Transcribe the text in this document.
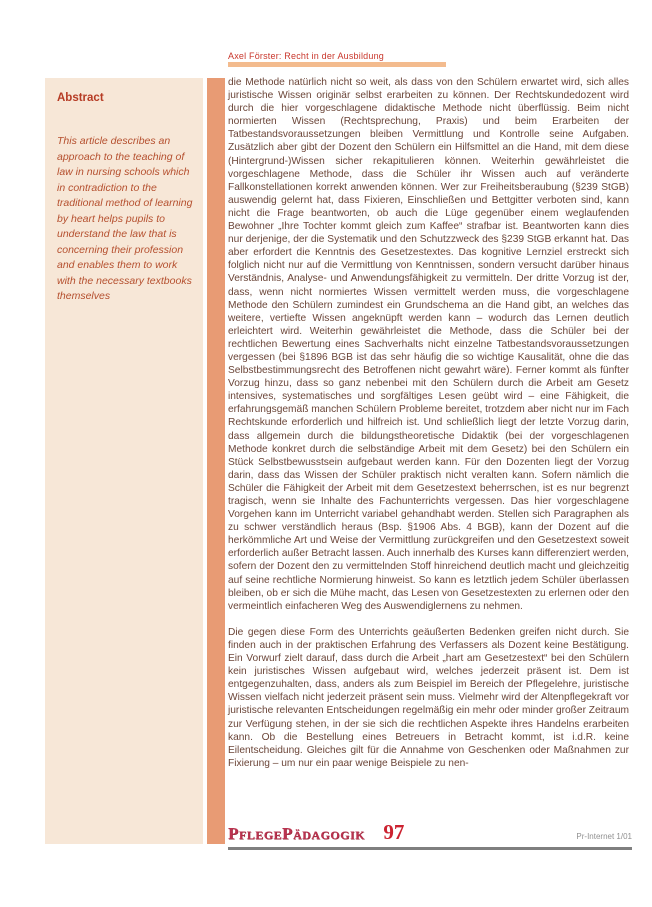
Axel Förster: Recht in der Ausbildung

Abstract

This article describes an approach to the teaching of law in nursing schools which in contradiction to the traditional method of learning by heart helps pupils to understand the law that is concerning their profession and enables them to work with the necessary textbooks themselves

die Methode natürlich nicht so weit, als dass von den Schülern erwartet wird, sich alles juristische Wissen originär selbst erarbeiten zu können. Der Rechtskundedozent wird durch die hier vorgeschlagene didaktische Methode nicht überflüssig. Beim nicht normierten Wissen (Rechtsprechung, Praxis) und beim Erarbeiten der Tatbestandsvoraussetzungen bleiben Vermittlung und Kontrolle seine Aufgaben. Zusätzlich aber gibt der Dozent den Schülern ein Hilfsmittel an die Hand, mit dem diese (Hintergrund-)Wissen sicher rekapitulieren können. Weiterhin gewährleistet die vorgeschlagene Methode, dass die Schüler ihr Wissen auch auf veränderte Fallkonstellationen korrekt anwenden können. Wer zur Freiheitsberaubung (§239 StGB) auswendig gelernt hat, dass Fixieren, Einschließen und Bettgitter verboten sind, kann nicht die Frage beantworten, ob auch die Lüge gegenüber einem weglaufenden Bewohner „Ihre Tochter kommt gleich zum Kaffee“ strafbar ist. Beantworten kann dies nur derjenige, der die Systematik und den Schutzzweck des §239 StGB erkannt hat. Das aber erfordert die Kenntnis des Gesetzestextes. Das kognitive Lernziel erstreckt sich folglich nicht nur auf die Vermittlung von Kenntnissen, sondern versucht darüber hinaus Verständnis, Analyse- und Anwendungsfähigkeit zu vermitteln. Der dritte Vorzug ist der, dass, wenn nicht normiertes Wissen vermittelt werden muss, die vorgeschlagene Methode den Schülern zumindest ein Grundschema an die Hand gibt, an welches das weitere, vertiefte Wissen angeknüpft werden kann – wodurch das Lernen deutlich erleichtert wird. Weiterhin gewährleistet die Methode, dass die Schüler bei der rechtlichen Bewertung eines Sachverhalts nicht einzelne Tatbestandsvoraussetzungen vergessen (bei §1896 BGB ist das sehr häufig die so wichtige Kausalität, ohne die das Selbstbestimmungsrecht des Betroffenen nicht gewahrt wäre). Ferner kommt als fünfter Vorzug hinzu, dass so ganz nebenbei mit den Schülern durch die Arbeit am Gesetz intensives, systematisches und sorgfältiges Lesen geübt wird – eine Fähigkeit, die erfahrungsgemäß manchen Schülern Probleme bereitet, trotzdem aber nicht nur im Fach Rechtskunde erforderlich und hilfreich ist. Und schließlich liegt der letzte Vorzug darin, dass allgemein durch die bildungstheoretische Didaktik (bei der vorgeschlagenen Methode konkret durch die selbständige Arbeit mit dem Gesetz) bei den Schülern ein Stück Selbstbewusstsein aufgebaut werden kann. Für den Dozenten liegt der Vorzug darin, dass das Wissen der Schüler praktisch nicht veralten kann. Sofern nämlich die Schüler die Fähigkeit der Arbeit mit dem Gesetzestext beherrschen, ist es nur begrenzt tragisch, wenn sie Inhalte des Fachunterrichts vergessen. Das hier vorgeschlagene Vorgehen kann im Unterricht variabel gehandhabt werden. Stellen sich Paragraphen als zu schwer verständlich heraus (Bsp. §1906 Abs. 4 BGB), kann der Dozent auf die herkömmliche Art und Weise der Vermittlung zurückgreifen und den Gesetzestext soweit erforderlich außer Betracht lassen. Auch innerhalb des Kurses kann differenziert werden, sofern der Dozent den zu vermittelnden Stoff hinreichend deutlich macht und gleichzeitig auf seine rechtliche Normierung hinweist. So kann es letztlich jedem Schüler überlassen bleiben, ob er sich die Mühe macht, das Lesen von Gesetzestexten zu erlernen oder den vermeintlich einfacheren Weg des Auswendiglernens zu nehmen.

Die gegen diese Form des Unterrichts geäußerten Bedenken greifen nicht durch. Sie finden auch in der praktischen Erfahrung des Verfassers als Dozent keine Bestätigung. Ein Vorwurf zielt darauf, dass durch die Arbeit „hart am Gesetzestext“ bei den Schülern kein juristisches Wissen aufgebaut wird, welches jederzeit präsent ist. Dem ist entgegenzuhalten, dass, anders als zum Beispiel im Bereich der Pflegelehre, juristische Wissen vielfach nicht jederzeit präsent sein muss. Vielmehr wird der Altenpflegekraft vor juristische relevanten Entscheidungen regelmäßig ein mehr oder minder großer Zeitraum zur Verfügung stehen, in der sie sich die rechtlichen Aspekte ihres Handelns erarbeiten kann. Ob die Bestellung eines Betreuers in Betracht kommt, ist i.d.R. keine Eilentscheidung. Gleiches gilt für die Annahme von Geschenken oder Maßnahmen zur Fixierung – um nur ein paar wenige Beispiele zu nen-

PflegePädagogik 97	Pr-Internet 1/01
